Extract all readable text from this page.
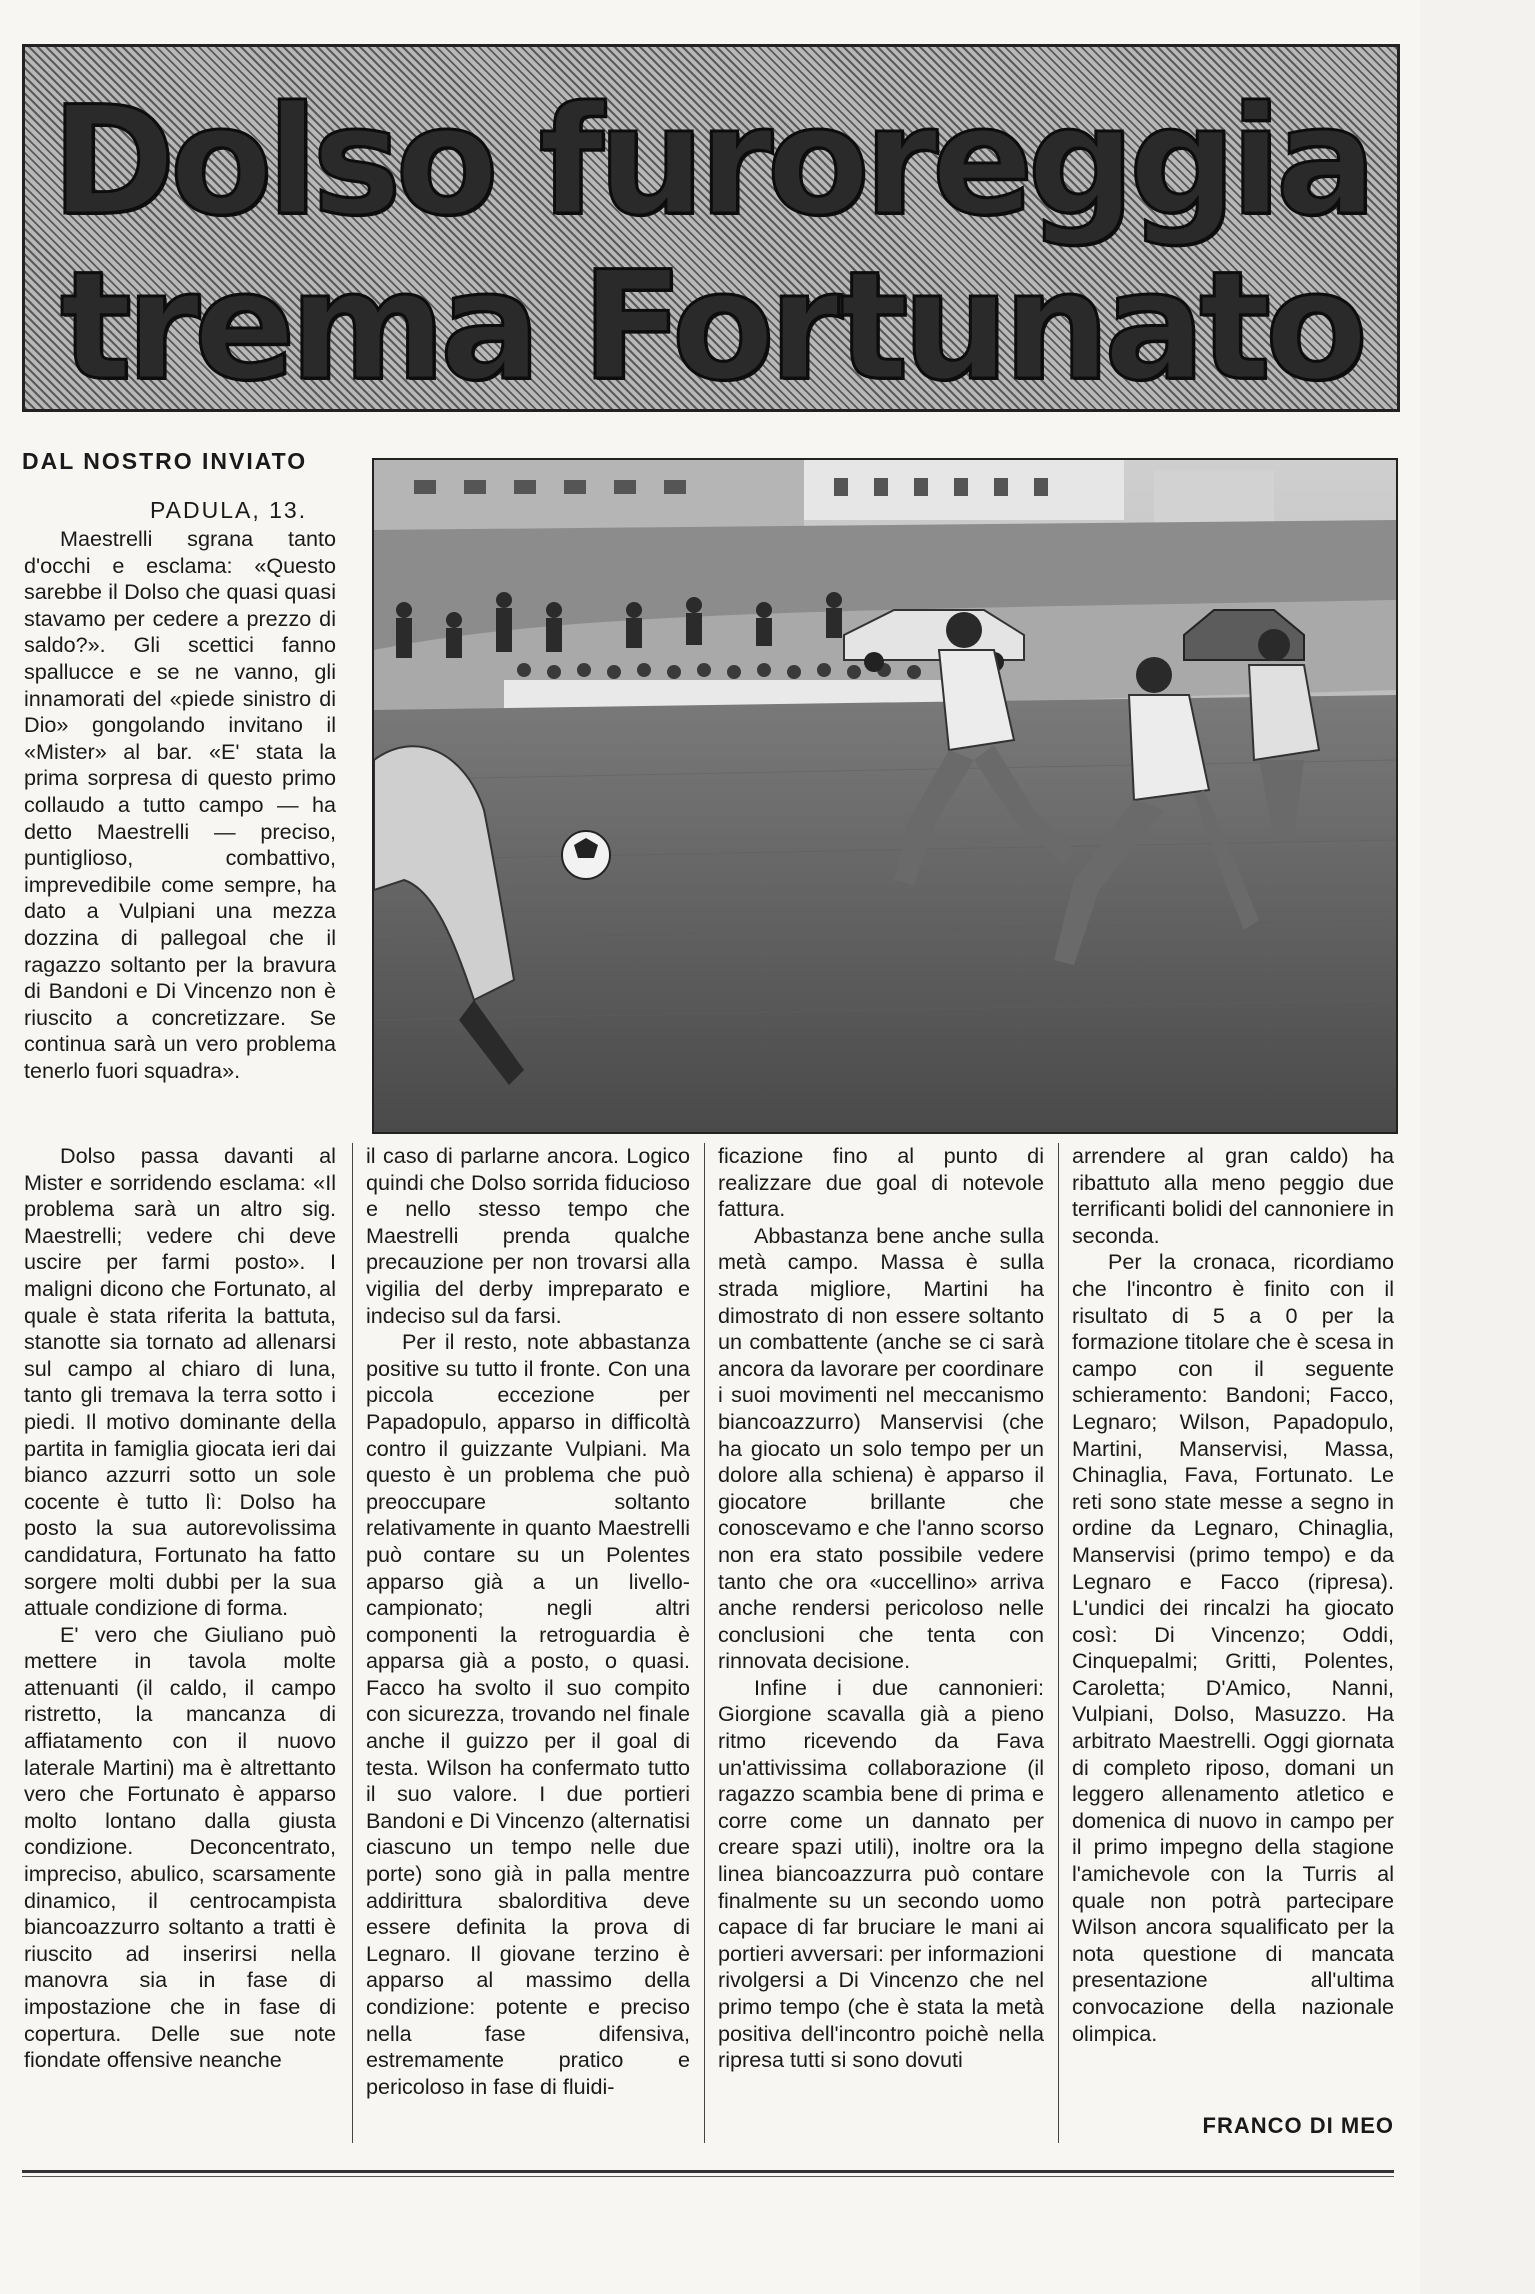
Dolso furoreggia
trema Fortunato
DAL NOSTRO INVIATO
PADULA, 13.

Maestrelli sgrana tanto d'occhi e esclama: «Questo sarebbe il Dolso che quasi quasi stavamo per cedere a prezzo di saldo?». Gli scettici fanno spallucce e se ne vanno, gli innamorati del «piede sinistro di Dio» gongolando invitano il «Mister» al bar. «E' stata la prima sorpresa di questo primo collaudo a tutto campo — ha detto Maestrelli — preciso, puntiglioso, combattivo, imprevedibile come sempre, ha dato a Vulpiani una mezza dozzina di pallegoal che il ragazzo soltanto per la bravura di Bandoni e Di Vincenzo non è riuscito a concretizzare. Se continua sarà un vero problema tenerlo fuori squadra».

Dolso passa davanti al Mister e sorridendo esclama: «Il problema sarà un altro sig. Maestrelli; vedere chi deve uscire per farmi posto». I maligni dicono che Fortunato, al quale è stata riferita la battuta, stanotte sia tornato ad allenarsi sul campo al chiaro di luna, tanto gli tremava la terra sotto i piedi. Il motivo dominante della partita in famiglia giocata ieri dai bianco azzurri sotto un sole cocente è tutto lì: Dolso ha posto la sua autorevolissima candidatura, Fortunato ha fatto sorgere molti dubbi per la sua attuale condizione di forma.

E' vero che Giuliano può mettere in tavola molte attenuanti (il caldo, il campo ristretto, la mancanza di affiatamento con il nuovo laterale Martini) ma è altrettanto vero che Fortunato è apparso molto lontano dalla giusta condizione. Deconcentrato, impreciso, abulico, scarsamente dinamico, il centrocampista biancoazzurro soltanto a tratti è riuscito ad inserirsi nella manovra sia in fase di impostazione che in fase di copertura. Delle sue note fiondate offensive neanche

il caso di parlarne ancora. Logico quindi che Dolso sorrida fiducioso e nello stesso tempo che Maestrelli prenda qualche precauzione per non trovarsi alla vigilia del derby impreparato e indeciso sul da farsi.

Per il resto, note abbastanza positive su tutto il fronte. Con una piccola eccezione per Papadopulo, apparso in difficoltà contro il guizzante Vulpiani. Ma questo è un problema che può preoccupare soltanto relativamente in quanto Maestrelli può contare su un Polentes apparso già a un livello-campionato; negli altri componenti la retroguardia è apparsa già a posto, o quasi. Facco ha svolto il suo compito con sicurezza, trovando nel finale anche il guizzo per il goal di testa. Wilson ha confermato tutto il suo valore. I due portieri Bandoni e Di Vincenzo (alternatisi ciascuno un tempo nelle due porte) sono già in palla mentre addirittura sbalorditiva deve essere definita la prova di Legnaro. Il giovane terzino è apparso al massimo della condizione: potente e preciso nella fase difensiva, estremamente pratico e pericoloso in fase di fluidi-

ficazione fino al punto di realizzare due goal di notevole fattura.

Abbastanza bene anche sulla metà campo. Massa è sulla strada migliore, Martini ha dimostrato di non essere soltanto un combattente (anche se ci sarà ancora da lavorare per coordinare i suoi movimenti nel meccanismo biancoazzurro) Manservisi (che ha giocato un solo tempo per un dolore alla schiena) è apparso il giocatore brillante che conoscevamo e che l'anno scorso non era stato possibile vedere tanto che ora «uccellino» arriva anche rendersi pericoloso nelle conclusioni che tenta con rinnovata decisione.

Infine i due cannonieri: Giorgione scavalla già a pieno ritmo ricevendo da Fava un'attivissima collaborazione (il ragazzo scambia bene di prima e corre come un dannato per creare spazi utili), inoltre ora la linea biancoazzurra può contare finalmente su un secondo uomo capace di far bruciare le mani ai portieri avversari: per informazioni rivolgersi a Di Vincenzo che nel primo tempo (che è stata la metà positiva dell'incontro poichè nella ripresa tutti si sono dovuti

arrendere al gran caldo) ha ribattuto alla meno peggio due terrificanti bolidi del cannoniere in seconda.

Per la cronaca, ricordiamo che l'incontro è finito con il risultato di 5 a 0 per la formazione titolare che è scesa in campo con il seguente schieramento: Bandoni; Facco, Legnaro; Wilson, Papadopulo, Martini, Manservisi, Massa, Chinaglia, Fava, Fortunato. Le reti sono state messe a segno in ordine da Legnaro, Chinaglia, Manservisi (primo tempo) e da Legnaro e Facco (ripresa). L'undici dei rincalzi ha giocato così: Di Vincenzo; Oddi, Cinquepalmi; Gritti, Polentes, Caroletta; D'Amico, Nanni, Vulpiani, Dolso, Masuzzo. Ha arbitrato Maestrelli. Oggi giornata di completo riposo, domani un leggero allenamento atletico e domenica di nuovo in campo per il primo impegno della stagione l'amichevole con la Turris al quale non potrà partecipare Wilson ancora squalificato per la nota questione di mancata presentazione all'ultima convocazione della nazionale olimpica.

FRANCO DI MEO
